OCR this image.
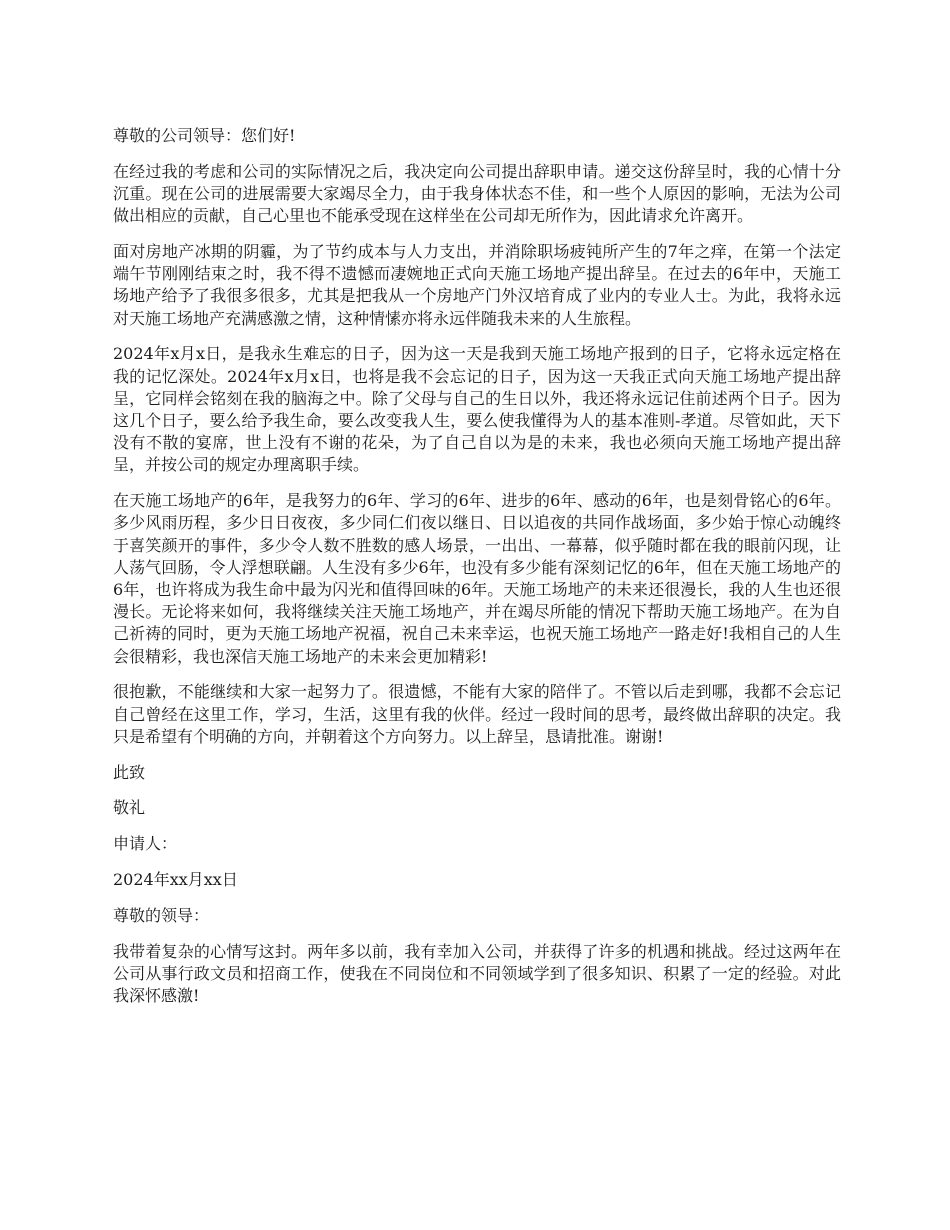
尊敬的公司领导：您们好!

在经过我的考虑和公司的实际情况之后，我决定向公司提出辞职申请。递交这份辞呈时，我的心情十分沉重。现在公司的进展需要大家竭尽全力，由于我身体状态不佳，和一些个人原因的影响，无法为公司做出相应的贡献，自己心里也不能承受现在这样坐在公司却无所作为，因此请求允许离开。

面对房地产冰期的阴霾，为了节约成本与人力支出，并消除职场疲钝所产生的7年之痒，在第一个法定端午节刚刚结束之时，我不得不遗憾而凄婉地正式向天施工场地产提出辞呈。在过去的6年中，天施工场地产给予了我很多很多，尤其是把我从一个房地产门外汉培育成了业内的专业人士。为此，我将永远对天施工场地产充满感激之情，这种情愫亦将永远伴随我未来的人生旅程。

2024年x月x日，是我永生难忘的日子，因为这一天是我到天施工场地产报到的日子，它将永远定格在我的记忆深处。2024年x月x日，也将是我不会忘记的日子，因为这一天我正式向天施工场地产提出辞呈，它同样会铭刻在我的脑海之中。除了父母与自己的生日以外，我还将永远记住前述两个日子。因为这几个日子，要么给予我生命，要么改变我人生，要么使我懂得为人的基本准则-孝道。尽管如此，天下没有不散的宴席，世上没有不谢的花朵，为了自己自以为是的未来，我也必须向天施工场地产提出辞呈，并按公司的规定办理离职手续。

在天施工场地产的6年，是我努力的6年、学习的6年、进步的6年、感动的6年，也是刻骨铭心的6年。多少风雨历程，多少日日夜夜，多少同仁们夜以继日、日以追夜的共同作战场面，多少始于惊心动魄终于喜笑颜开的事件，多少令人数不胜数的感人场景，一出出、一幕幕，似乎随时都在我的眼前闪现，让人荡气回肠，令人浮想联翩。人生没有多少6年，也没有多少能有深刻记忆的6年，但在天施工场地产的6年，也许将成为我生命中最为闪光和值得回味的6年。天施工场地产的未来还很漫长，我的人生也还很漫长。无论将来如何，我将继续关注天施工场地产，并在竭尽所能的情况下帮助天施工场地产。在为自己祈祷的同时，更为天施工场地产祝福，祝自己未来幸运，也祝天施工场地产一路走好!我相自己的人生会很精彩，我也深信天施工场地产的未来会更加精彩!

很抱歉，不能继续和大家一起努力了。很遗憾，不能有大家的陪伴了。不管以后走到哪，我都不会忘记自己曾经在这里工作，学习，生活，这里有我的伙伴。经过一段时间的思考，最终做出辞职的决定。我只是希望有个明确的方向，并朝着这个方向努力。以上辞呈，恳请批准。谢谢!

此致

敬礼

申请人：

2024年xx月xx日

尊敬的领导：

我带着复杂的心情写这封。两年多以前，我有幸加入公司，并获得了许多的机遇和挑战。经过这两年在公司从事行政文员和招商工作，使我在不同岗位和不同领域学到了很多知识、积累了一定的经验。对此我深怀感激!
